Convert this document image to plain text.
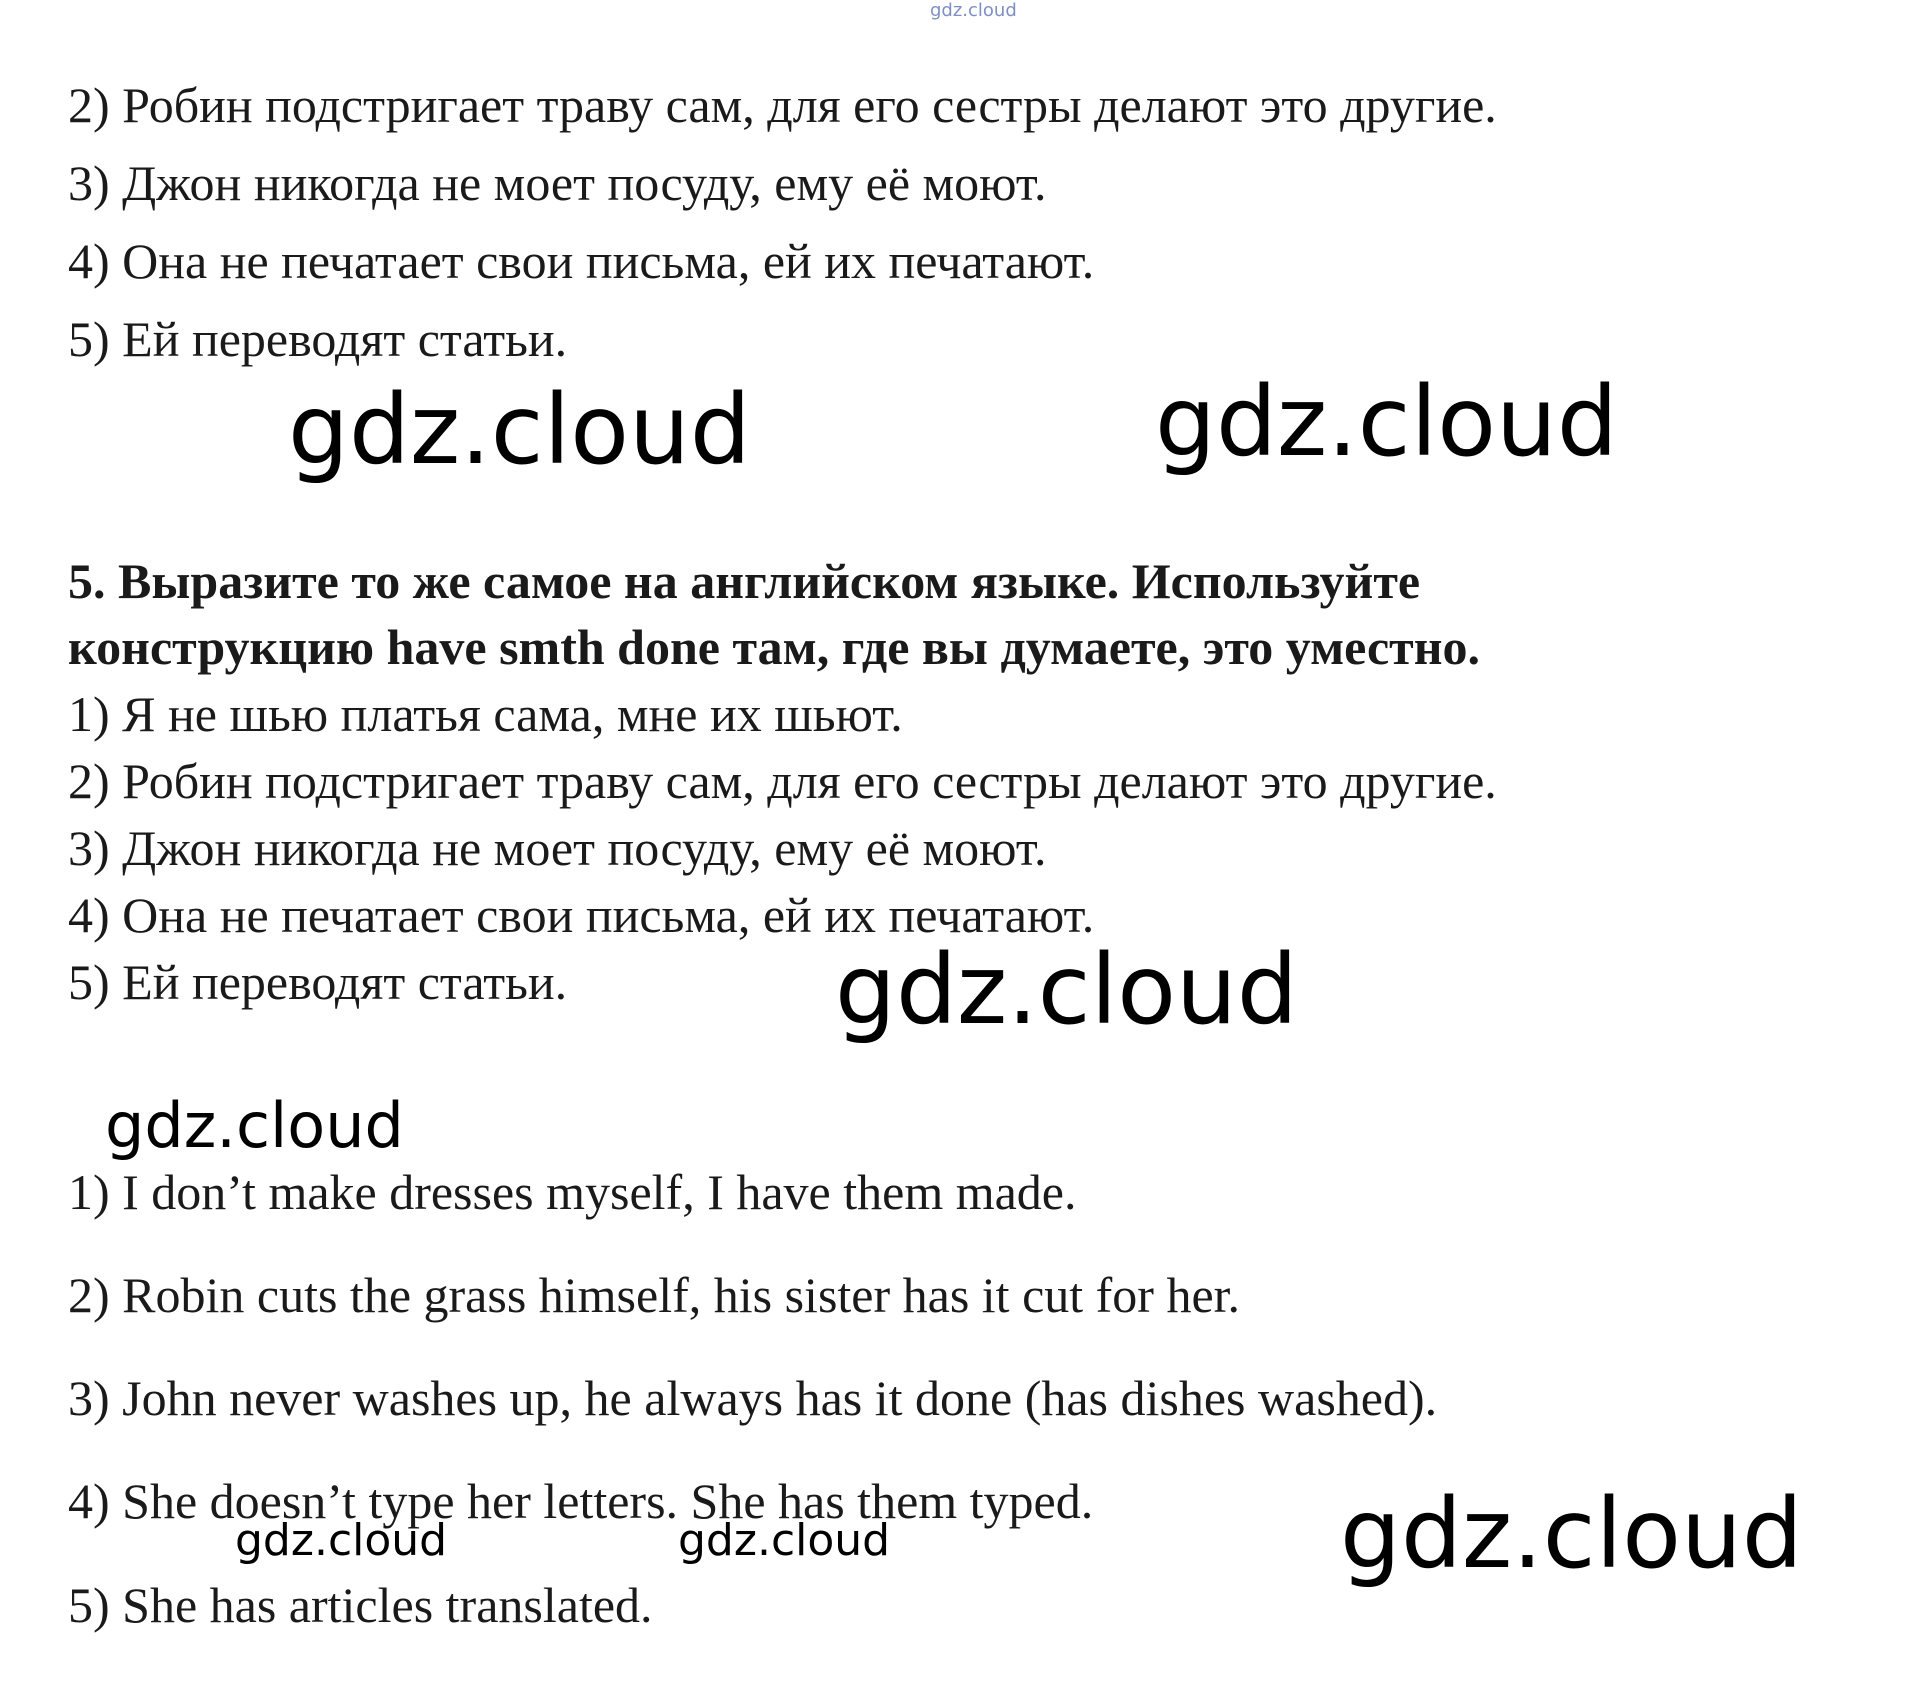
gdz.cloud
2) Робин подстригает траву сам, для его сестры делают это другие.
3) Джон никогда не моет посуду, ему её моют.
4) Она не печатает свои письма, ей их печатают.
5) Ей переводят статьи.
gdz.cloud	gdz.cloud
5. Выразите то же самое на английском языке. Используйте
конструкцию have smth done там, где вы думаете, это уместно.
1) Я не шью платья сама, мне их шьют.
2) Робин подстригает траву сам, для его сестры делают это другие.
3) Джон никогда не моет посуду, ему её моют.
4) Она не печатает свои письма, ей их печатают.
5) Ей переводят статьи.	gdz.cloud
gdz.cloud
1) I don’t make dresses myself, I have them made.
2) Robin cuts the grass himself, his sister has it cut for her.
3) John never washes up, he always has it done (has dishes washed).
4) She doesn’t type her letters. She has them typed.
5) She has articles translated.
gdz.cloud	gdz.cloud	gdz.cloud
